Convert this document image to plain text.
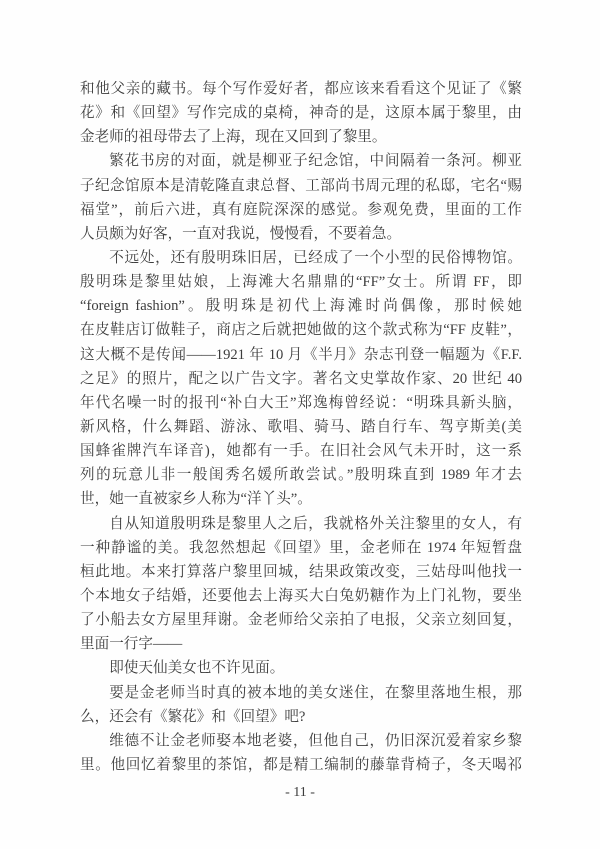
和他父亲的藏书。每个写作爱好者，都应该来看看这个见证了《繁
花》和《回望》写作完成的桌椅，神奇的是，这原本属于黎里，由
金老师的祖母带去了上海，现在又回到了黎里。
繁花书房的对面，就是柳亚子纪念馆，中间隔着一条河。柳亚
子纪念馆原本是清乾隆直隶总督、工部尚书周元理的私邸，宅名“赐
福堂”，前后六进，真有庭院深深的感觉。参观免费，里面的工作
人员颇为好客，一直对我说，慢慢看，不要着急。
不远处，还有殷明珠旧居，已经成了一个小型的民俗博物馆。
殷明珠是黎里姑娘，上海滩大名鼎鼎的“FF”女士。所谓 FF，即
“foreign fashion”。殷明珠是初代上海滩时尚偶像，那时候她
在皮鞋店订做鞋子，商店之后就把她做的这个款式称为“FF 皮鞋”，
这大概不是传闻——1921 年 10 月《半月》杂志刊登一幅题为《F.F.
之足》的照片，配之以广告文字。著名文史掌故作家、20 世纪 40
年代名噪一时的报刊“补白大王”郑逸梅曾经说：“明珠具新头脑，
新风格，什么舞蹈、游泳、歌唱、骑马、踏自行车、驾亨斯美(美
国蜂雀牌汽车译音)，她都有一手。在旧社会风气未开时，这一系
列的玩意儿非一般闺秀名媛所敢尝试。”殷明珠直到 1989 年才去
世，她一直被家乡人称为“洋丫头”。
自从知道殷明珠是黎里人之后，我就格外关注黎里的女人，有
一种静谧的美。我忽然想起《回望》里，金老师在 1974 年短暂盘
桓此地。本来打算落户黎里回城，结果政策改变，三姑母叫他找一
个本地女子结婚，还要他去上海买大白兔奶糖作为上门礼物，要坐
了小船去女方屋里拜谢。金老师给父亲拍了电报，父亲立刻回复，
里面一行字——
即使天仙美女也不许见面。
要是金老师当时真的被本地的美女迷住，在黎里落地生根，那
么，还会有《繁花》和《回望》吧?
维德不让金老师娶本地老婆，但他自己，仍旧深沉爱着家乡黎
里。他回忆着黎里的茶馆，都是精工编制的藤靠背椅子，冬天喝祁
- 11 -
